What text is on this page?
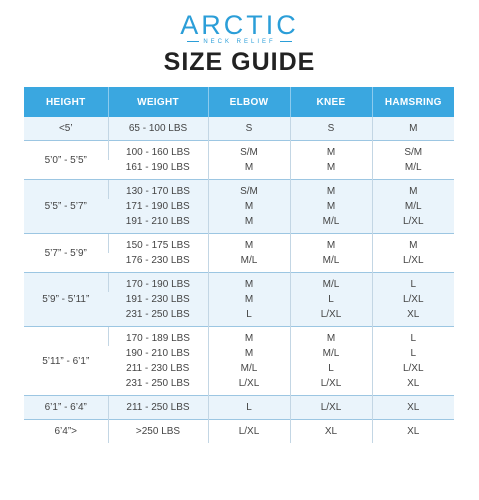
ARCTIC
NECK RELIEF
SIZE GUIDE
HEIGHT	WEIGHT	ELBOW	KNEE	HAMSRING
<5’	65 - 100 LBS	S	S	M
5’0” - 5’5”	100 - 160 LBS	S/M	M	S/M
	161 - 190 LBS	M	M	M/L
5’5” - 5’7”	130 - 170 LBS	S/M	M	M
	171 - 190 LBS	M	M	M/L
	191 - 210 LBS	M	M/L	L/XL
5’7” - 5’9”	150 - 175 LBS	M	M	M
	176 - 230 LBS	M/L	M/L	L/XL
5’9” - 5’11”	170 - 190 LBS	M	M/L	L
	191 - 230 LBS	M	L	L/XL
	231 - 250 LBS	L	L/XL	XL
5’11” - 6’1”	170 - 189 LBS	M	M	L
	190 - 210 LBS	M	M/L	L
	211 - 230 LBS	M/L	L	L/XL
	231 - 250 LBS	L/XL	L/XL	XL
6’1” - 6’4”	211 - 250 LBS	L	L/XL	XL
6’4”>	>250 LBS	L/XL	XL	XL
